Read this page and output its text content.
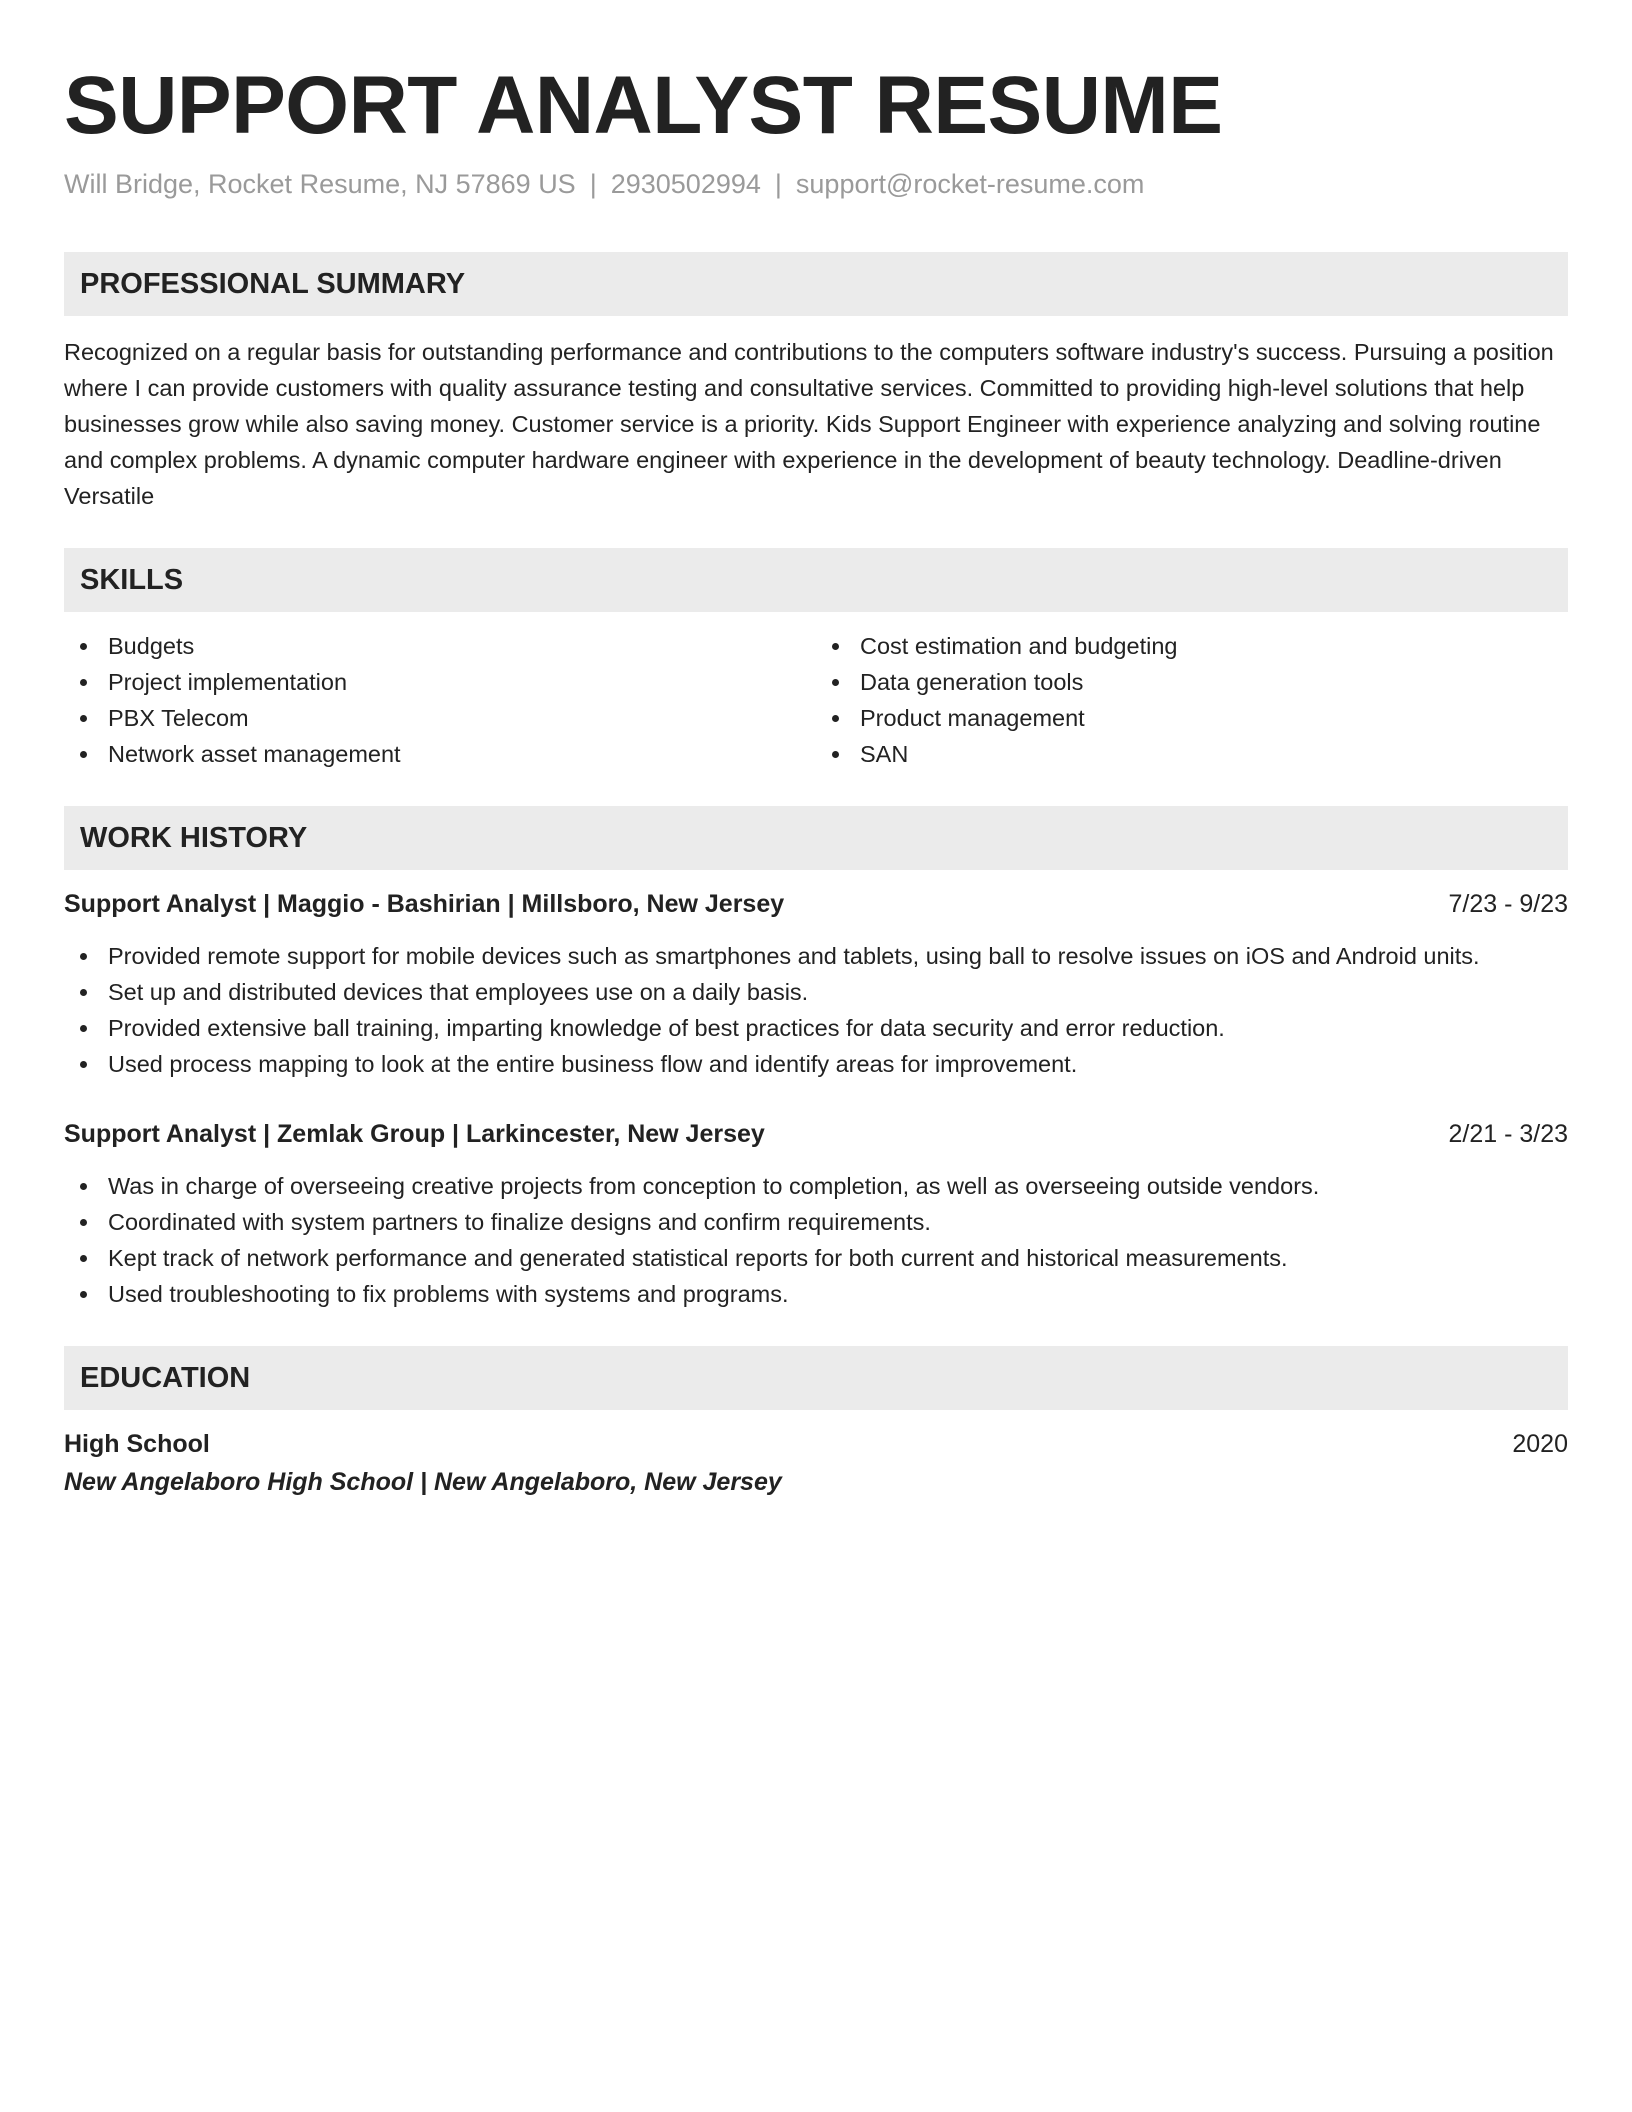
SUPPORT ANALYST RESUME
Will Bridge, Rocket Resume, NJ 57869 US | 2930502994 | support@rocket-resume.com
PROFESSIONAL SUMMARY
Recognized on a regular basis for outstanding performance and contributions to the computers software industry's success. Pursuing a position where I can provide customers with quality assurance testing and consultative services. Committed to providing high-level solutions that help businesses grow while also saving money. Customer service is a priority. Kids Support Engineer with experience analyzing and solving routine and complex problems. A dynamic computer hardware engineer with experience in the development of beauty technology. Deadline-driven Versatile
SKILLS
Budgets
Project implementation
PBX Telecom
Network asset management
Cost estimation and budgeting
Data generation tools
Product management
SAN
WORK HISTORY
Support Analyst | Maggio - Bashirian | Millsboro, New Jersey	7/23 - 9/23
Provided remote support for mobile devices such as smartphones and tablets, using ball to resolve issues on iOS and Android units.
Set up and distributed devices that employees use on a daily basis.
Provided extensive ball training, imparting knowledge of best practices for data security and error reduction.
Used process mapping to look at the entire business flow and identify areas for improvement.
Support Analyst | Zemlak Group | Larkincester, New Jersey	2/21 - 3/23
Was in charge of overseeing creative projects from conception to completion, as well as overseeing outside vendors.
Coordinated with system partners to finalize designs and confirm requirements.
Kept track of network performance and generated statistical reports for both current and historical measurements.
Used troubleshooting to fix problems with systems and programs.
EDUCATION
High School	2020
New Angelaboro High School | New Angelaboro, New Jersey
